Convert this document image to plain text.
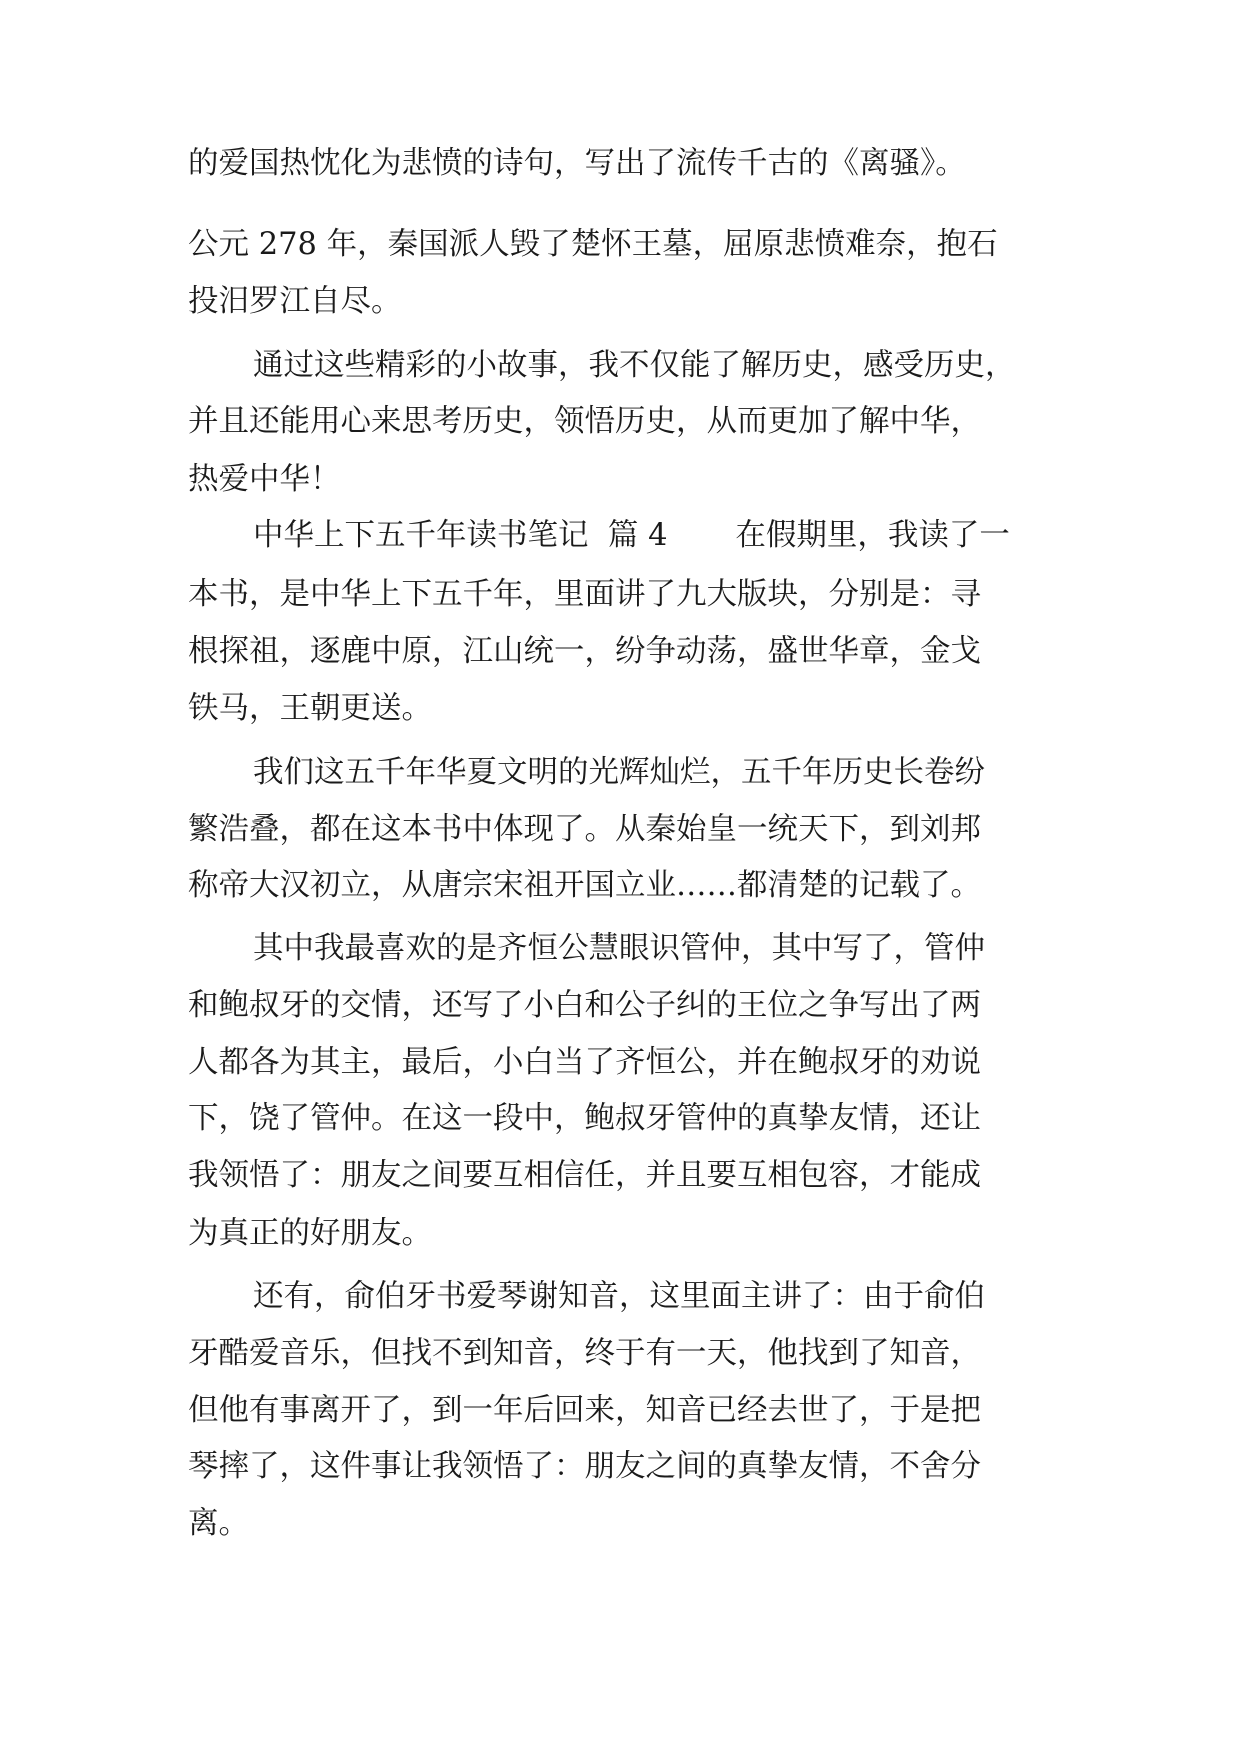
的爱国热忱化为悲愤的诗句，写出了流传千古的《离骚》。
公元 278 年，秦国派人毁了楚怀王墓，屈原悲愤难奈，抱石
投汨罗江自尽。
通过这些精彩的小故事，我不仅能了解历史，感受历史，
并且还能用心来思考历史，领悟历史，从而更加了解中华，
热爱中华！
中华上下五千年读书笔记  篇 4       在假期里，我读了一
本书，是中华上下五千年，里面讲了九大版块，分别是：寻
根探祖，逐鹿中原，江山统一，纷争动荡，盛世华章，金戈
铁马，王朝更送。
我们这五千年华夏文明的光辉灿烂，五千年历史长卷纷
繁浩叠，都在这本书中体现了。从秦始皇一统天下，到刘邦
称帝大汉初立，从唐宗宋祖开国立业……都清楚的记载了。
其中我最喜欢的是齐恒公慧眼识管仲，其中写了，管仲
和鲍叔牙的交情，还写了小白和公子纠的王位之争写出了两
人都各为其主，最后，小白当了齐恒公，并在鲍叔牙的劝说
下，饶了管仲。在这一段中，鲍叔牙管仲的真挚友情，还让
我领悟了：朋友之间要互相信任，并且要互相包容，才能成
为真正的好朋友。
还有，俞伯牙书爱琴谢知音，这里面主讲了：由于俞伯
牙酷爱音乐，但找不到知音，终于有一天，他找到了知音，
但他有事离开了，到一年后回来，知音已经去世了，于是把
琴摔了，这件事让我领悟了：朋友之间的真挚友情，不舍分
离。
